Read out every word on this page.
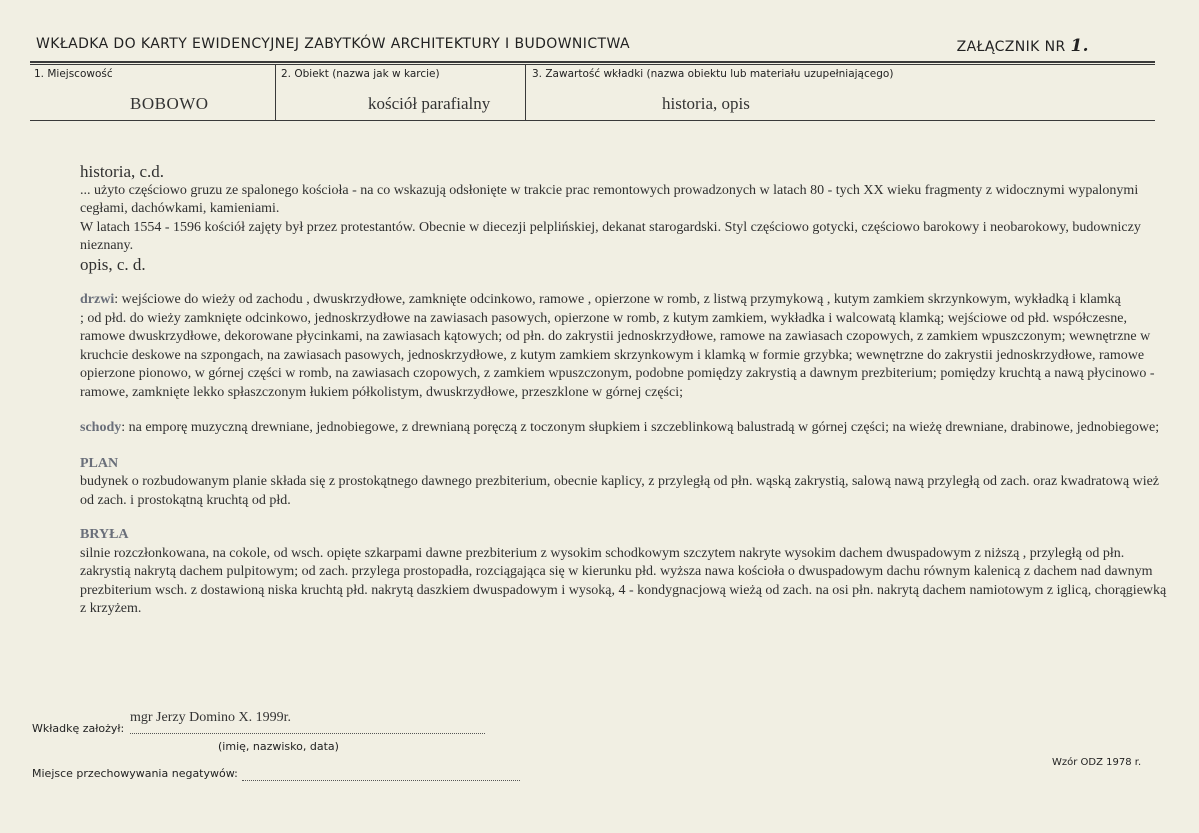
WKŁADKA DO KARTY EWIDENCYJNEJ ZABYTKÓW ARCHITEKTURY I BUDOWNICTWA	ZAŁĄCZNIK NR 1.
1. Miejscowość
BOBOWO
2. Obiekt (nazwa jak w karcie)
kościół parafialny
3. Zawartość wkładki (nazwa obiektu lub materiału uzupełniającego)
historia, opis

historia, c.d.

... użyto częściowo gruzu ze spalonego kościoła - na co wskazują odsłonięte w trakcie prac remontowych prowadzonych w latach 80 - tych XX wieku fragmenty z widocznymi wypalonymi cegłami, dachówkami, kamieniami.

W latach 1554 - 1596 kościół zajęty był przez protestantów. Obecnie w diecezji pelplińskiej, dekanat starogardski. Styl częściowo gotycki, częściowo barokowy i neobarokowy, budowniczy nieznany.

opis, c. d.

drzwi: wejściowe do wieży od zachodu , dwuskrzydłowe, zamknięte odcinkowo, ramowe , opierzone w romb, z listwą przymykową , kutym zamkiem skrzynkowym, wykładką i klamką

; od płd. do wieży zamknięte odcinkowo, jednoskrzydłowe na zawiasach pasowych, opierzone w romb, z kutym zamkiem, wykładka i walcowatą klamką; wejściowe od płd. współczesne, ramowe dwuskrzydłowe, dekorowane płycinkami, na zawiasach kątowych; od płn. do zakrystii jednoskrzydłowe, ramowe na zawiasach czopowych, z zamkiem wpuszczonym; wewnętrzne w kruchcie deskowe na szpongach, na zawiasach pasowych, jednoskrzydłowe, z kutym zamkiem skrzynkowym i klamką w formie grzybka; wewnętrzne do zakrystii jednoskrzydłowe, ramowe opierzone pionowo, w górnej części w romb, na zawiasach czopowych, z zamkiem wpuszczonym, podobne pomiędzy zakrystią a dawnym prezbiterium; pomiędzy kruchtą a nawą płycinowo - ramowe, zamknięte lekko spłaszczonym łukiem półkolistym, dwuskrzydłowe, przeszklone w górnej części;

schody: na emporę muzyczną drewniane, jednobiegowe, z drewnianą poręczą z toczonym słupkiem i szczeblinkową balustradą w górnej części; na wieżę drewniane, drabinowe, jednobiegowe;

PLAN

budynek o rozbudowanym planie składa się z prostokątnego dawnego prezbiterium, obecnie kaplicy, z przyległą od płn. wąską zakrystią, salową nawą przyległą od zach. oraz kwadratową wież od zach. i prostokątną kruchtą od płd.

BRYŁA

silnie rozczłonkowana, na cokole, od wsch. opięte szkarpami dawne prezbiterium z wysokim schodkowym szczytem nakryte wysokim dachem dwuspadowym z niższą , przyległą od płn. zakrystią nakrytą dachem pulpitowym; od zach. przylega prostopadła, rozciągająca się w kierunku płd. wyższa nawa kościoła o dwuspadowym dachu równym kalenicą z dachem nad dawnym prezbiterium wsch. z dostawioną niska kruchtą płd. nakrytą daszkiem dwuspadowym i wysoką, 4 - kondygnacjową wieżą od zach. na osi płn. nakrytą dachem namiotowym z iglicą, chorągiewką z krzyżem.

Wkładkę założył:
mgr Jerzy Domino X. 1999r.
(imię, nazwisko, data)
Miejsce przechowywania negatywów:
Wzór ODZ 1978 r.
